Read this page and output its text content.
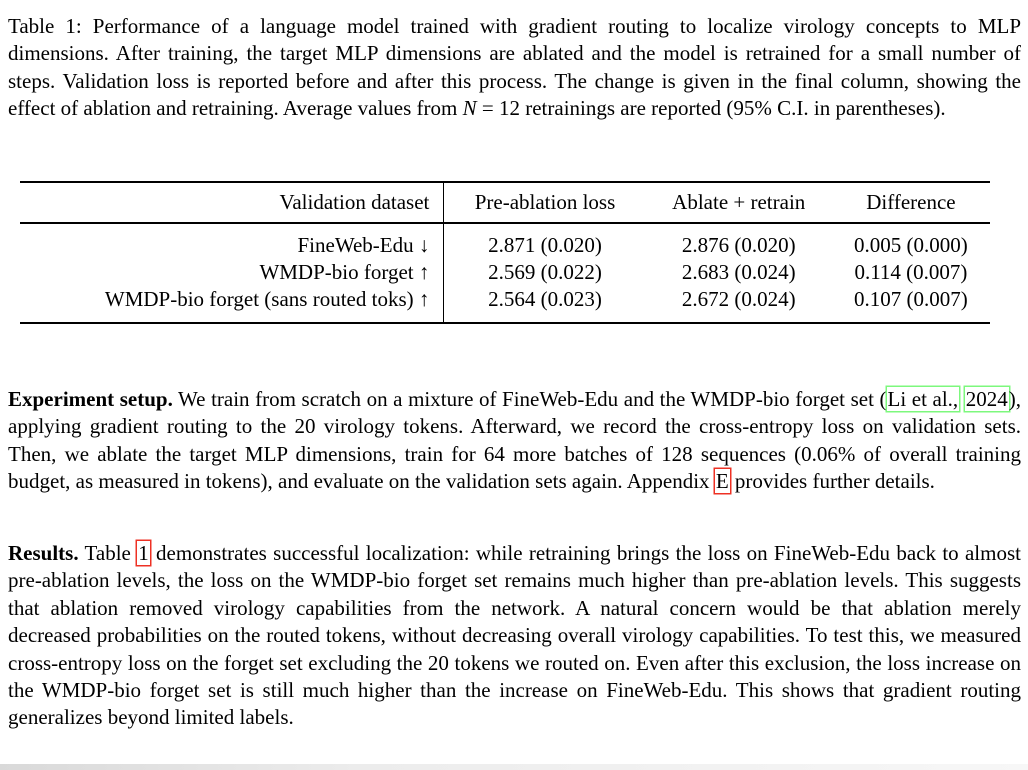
Table 1: Performance of a language model trained with gradient routing to localize virology concepts to MLP dimensions. After training, the target MLP dimensions are ablated and the model is retrained for a small number of steps. Validation loss is reported before and after this process. The change is given in the final column, showing the effect of ablation and retraining. Average values from N = 12 retrainings are reported (95% C.I. in parentheses).

Validation dataset	Pre-ablation loss	Ablate + retrain	Difference
FineWeb-Edu ↓	2.871 (0.020)	2.876 (0.020)	0.005 (0.000)
WMDP-bio forget ↑	2.569 (0.022)	2.683 (0.024)	0.114 (0.007)
WMDP-bio forget (sans routed toks) ↑	2.564 (0.023)	2.672 (0.024)	0.107 (0.007)

Experiment setup. We train from scratch on a mixture of FineWeb-Edu and the WMDP-bio forget set (Li et al., 2024), applying gradient routing to the 20 virology tokens. Afterward, we record the cross-entropy loss on validation sets. Then, we ablate the target MLP dimensions, train for 64 more batches of 128 sequences (0.06% of overall training budget, as measured in tokens), and evaluate on the validation sets again. Appendix E provides further details.

Results. Table 1 demonstrates successful localization: while retraining brings the loss on FineWeb-Edu back to almost pre-ablation levels, the loss on the WMDP-bio forget set remains much higher than pre-ablation levels. This suggests that ablation removed virology capabilities from the network. A natural concern would be that ablation merely decreased probabilities on the routed tokens, without decreasing overall virology capabilities. To test this, we measured cross-entropy loss on the forget set excluding the 20 tokens we routed on. Even after this exclusion, the loss increase on the WMDP-bio forget set is still much higher than the increase on FineWeb-Edu. This shows that gradient routing generalizes beyond limited labels.
